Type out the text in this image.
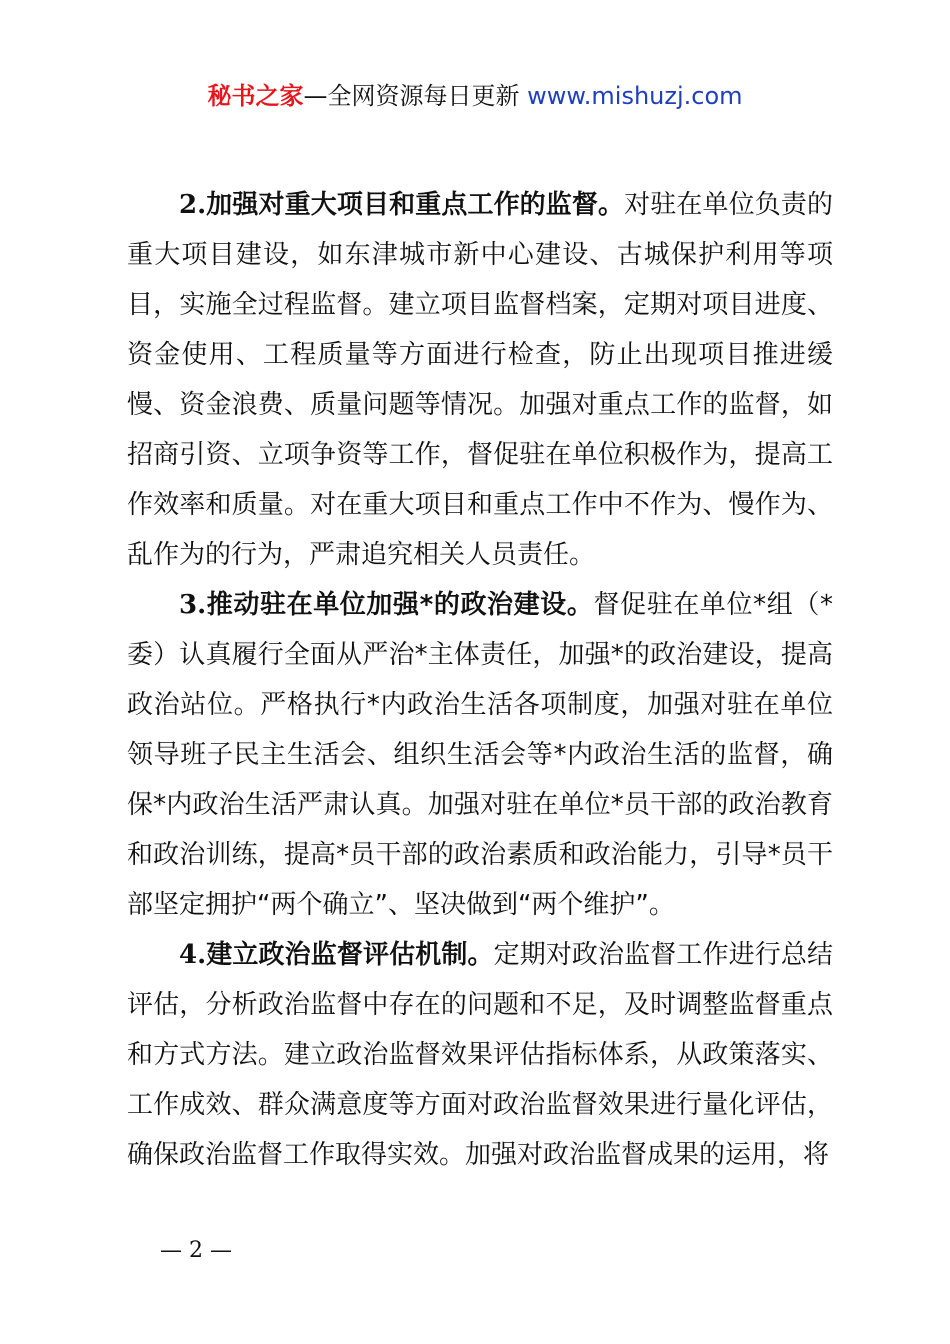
秘书之家—全网资源每日更新 www.mishuzj.com

2.加强对重大项目和重点工作的监督。对驻在单位负责的重大项目建设，如东津城市新中心建设、古城保护利用等项目，实施全过程监督。建立项目监督档案，定期对项目进度、资金使用、工程质量等方面进行检查，防止出现项目推进缓慢、资金浪费、质量问题等情况。加强对重点工作的监督，如招商引资、立项争资等工作，督促驻在单位积极作为，提高工作效率和质量。对在重大项目和重点工作中不作为、慢作为、乱作为的行为，严肃追究相关人员责任。

3.推动驻在单位加强*的政治建设。督促驻在单位*组（*委）认真履行全面从严治*主体责任，加强*的政治建设，提高政治站位。严格执行*内政治生活各项制度，加强对驻在单位领导班子民主生活会、组织生活会等*内政治生活的监督，确保*内政治生活严肃认真。加强对驻在单位*员干部的政治教育和政治训练，提高*员干部的政治素质和政治能力，引导*员干部坚定拥护“两个确立”、坚决做到“两个维护”。

4.建立政治监督评估机制。定期对政治监督工作进行总结评估，分析政治监督中存在的问题和不足，及时调整监督重点和方式方法。建立政治监督效果评估指标体系，从政策落实、工作成效、群众满意度等方面对政治监督效果进行量化评估，确保政治监督工作取得实效。加强对政治监督成果的运用，将

— 2 —
